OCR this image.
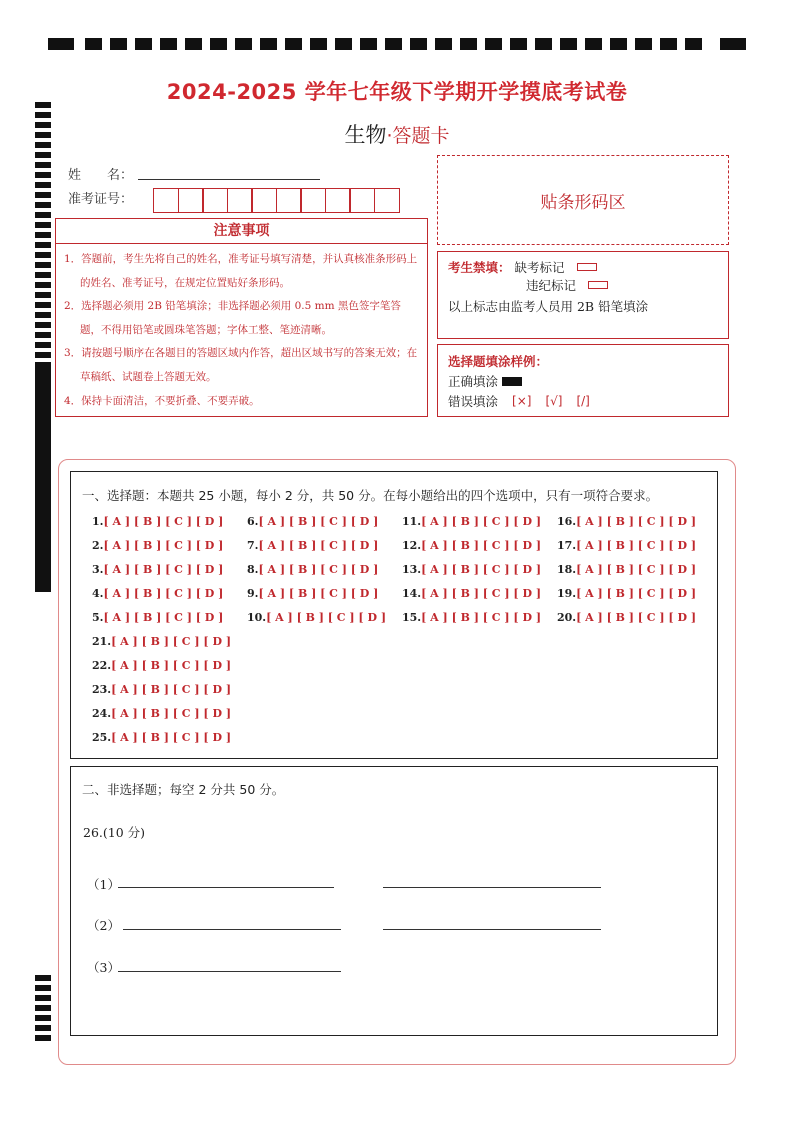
2024-2025 学年七年级下学期开学摸底考试卷
生物·答题卡
姓　　名：
准考证号：	贴条形码区
注意事项

1．答题前，考生先将自己的姓名，准考证号填写清楚，并认真核准条形码上的姓名、准考证号，在规定位置贴好条形码。

2．选择题必须用 2B 铅笔填涂；非选择题必须用 0.5 mm 黑色签字笔答题，不得用铅笔或圆珠笔答题；字体工整、笔迹清晰。

3．请按题号顺序在各题目的答题区域内作答，超出区域书写的答案无效；在草稿纸、试题卷上答题无效。

4．保持卡面清洁，不要折叠、不要弄破。

考生禁填： 缺考标记
违纪标记
以上标志由监考人员用 2B 铅笔填涂
选择题填涂样例：
正确填涂
错误填涂 [×] [√] [/]
一、选择题：本题共 25 小题，每小 2 分，共 50 分。在每小题给出的四个选项中，只有一项符合要求。
1.[ A ] [ B ] [ C ] [ D ]
2.[ A ] [ B ] [ C ] [ D ]
3.[ A ] [ B ] [ C ] [ D ]
4.[ A ] [ B ] [ C ] [ D ]
5.[ A ] [ B ] [ C ] [ D ]
6.[ A ] [ B ] [ C ] [ D ]
7.[ A ] [ B ] [ C ] [ D ]
8.[ A ] [ B ] [ C ] [ D ]
9.[ A ] [ B ] [ C ] [ D ]
10.[ A ] [ B ] [ C ] [ D ]
11.[ A ] [ B ] [ C ] [ D ]
12.[ A ] [ B ] [ C ] [ D ]
13.[ A ] [ B ] [ C ] [ D ]
14.[ A ] [ B ] [ C ] [ D ]
15.[ A ] [ B ] [ C ] [ D ]
16.[ A ] [ B ] [ C ] [ D ]
17.[ A ] [ B ] [ C ] [ D ]
18.[ A ] [ B ] [ C ] [ D ]
19.[ A ] [ B ] [ C ] [ D ]
20.[ A ] [ B ] [ C ] [ D ]
21.[ A ] [ B ] [ C ] [ D ]
22.[ A ] [ B ] [ C ] [ D ]
23.[ A ] [ B ] [ C ] [ D ]
24.[ A ] [ B ] [ C ] [ D ]
25.[ A ] [ B ] [ C ] [ D ]
二、非选择题；每空 2 分共 50 分。
26.(10 分)
（1）
（2）
（3）
